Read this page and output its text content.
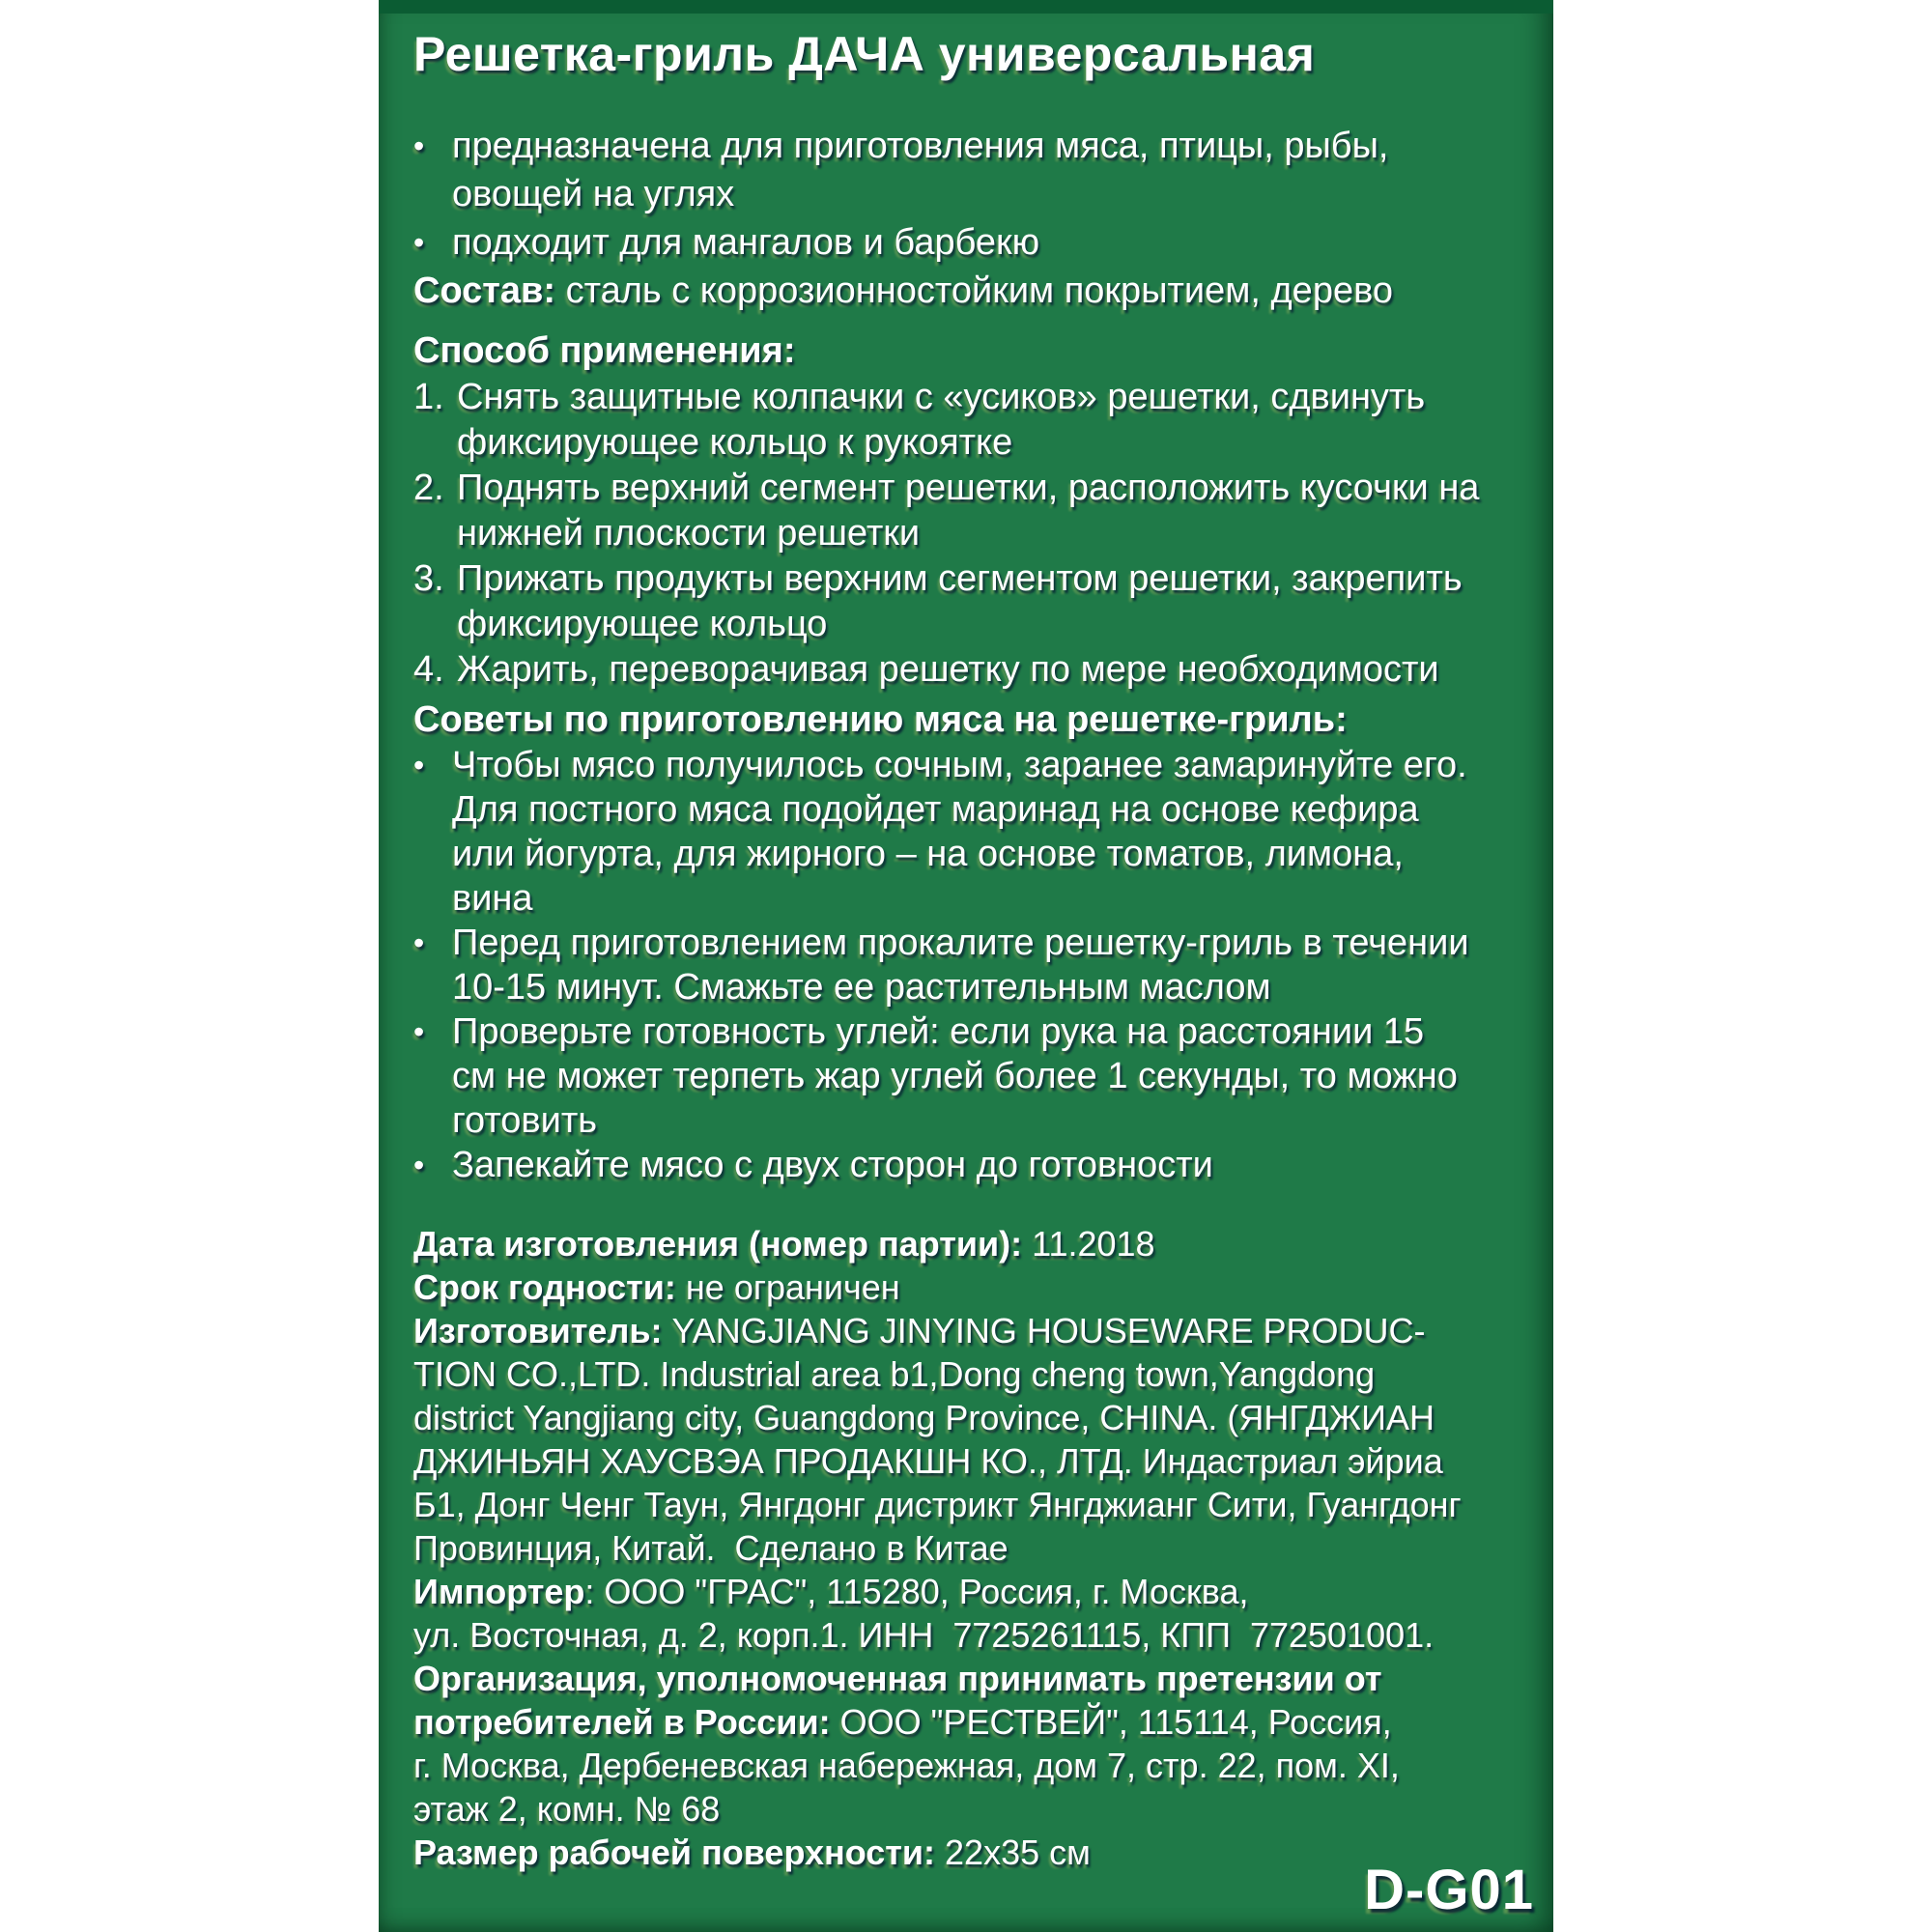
Решетка-гриль ДАЧА универсальная
• предназначена для приготовления мяса, птицы, рыбы,
овощей на углях
• подходит для мангалов и барбекю
Состав: сталь с коррозионностойким покрытием, дерево
Способ применения:
1. Снять защитные колпачки с «усиков» решетки, сдвинуть
фиксирующее кольцо к рукоятке
2. Поднять верхний сегмент решетки, расположить кусочки на
нижней плоскости решетки
3. Прижать продукты верхним сегментом решетки, закрепить
фиксирующее кольцо
4. Жарить, переворачивая решетку по мере необходимости
Советы по приготовлению мяса на решетке-гриль:
• Чтобы мясо получилось сочным, заранее замаринуйте его.
Для постного мяса подойдет маринад на основе кефира
или йогурта, для жирного – на основе томатов, лимона,
вина
• Перед приготовлением прокалите решетку-гриль в течении
10-15 минут. Смажьте ее растительным маслом
• Проверьте готовность углей: если рука на расстоянии 15
см не может терпеть жар углей более 1 секунды, то можно
готовить
• Запекайте мясо с двух сторон до готовности
Дата изготовления (номер партии): 11.2018
Срок годности: не ограничен
Изготовитель: YANGJIANG JINYING HOUSEWARE PRODUC-
TION CO.,LTD. Industrial area b1,Dong cheng town,Yangdong
district Yangjiang city, Guangdong Province, CHINA. (ЯНГДЖИАН
ДЖИНЬЯН ХАУСВЭА ПРОДАКШН КО., ЛТД. Индастриал эйриа
Б1, Донг Ченг Таун, Янгдонг дистрикт Янгджианг Сити, Гуангдонг
Провинция, Китай.  Сделано в Китае
Импортер: ООО "ГРАС", 115280, Россия, г. Москва,
ул. Восточная, д. 2, корп.1. ИНН  7725261115, КПП  772501001.
Организация, уполномоченная принимать претензии от
потребителей в России: ООО "РЕСТВЕЙ", 115114, Россия,
г. Москва, Дербеневская набережная, дом 7, стр. 22, пом. XI,
этаж 2, комн. № 68
Размер рабочей поверхности: 22х35 см
D-G01
